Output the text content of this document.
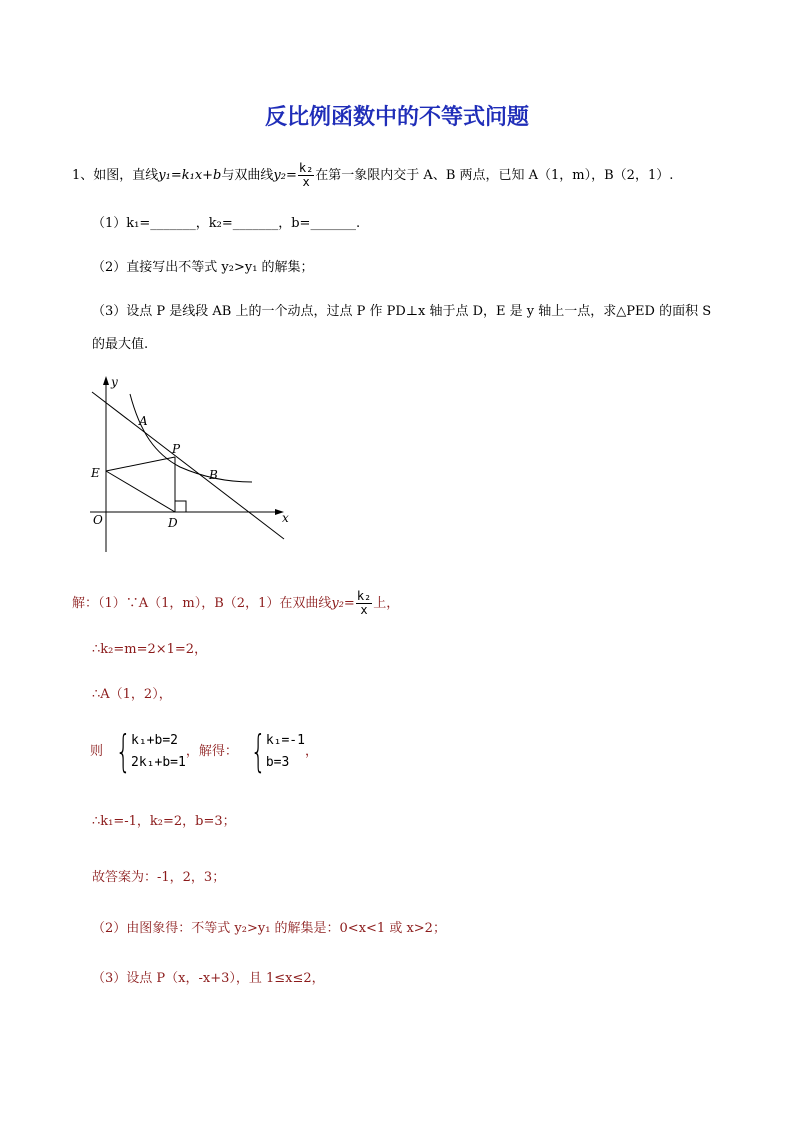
反比例函数中的不等式问题
1、如图，直线y₁=k₁x+b与双曲线$y_2= \frac{\text{k₂}}{x}$ 在第一象限内交于 A、B 两点，已知 A（1，m），B（2，1）.
（1）k₁=_______，k₂=_______，b=_______.
（2）直接写出不等式 y₂>y₁ 的解集；
（3）设点 P 是线段 AB 上的一个动点，过点 P 作 PD⊥x 轴于点 D，E 是 y 轴上一点，求△PED 的面积 S
的最大值.
y
x
O
A
B
P
E
D
解：（1）∵A（1，m），B（2，1）在双曲线$y_2= \frac{\text{k₂}}{x}$ 上，
∴k₂=m=2×1=2，
∴A（1，2），
则 { k₁+b=2
2k₁+b=1
，解得： { k₁=-1
b=3
，
∴k₁=-1，k₂=2，b=3；
故答案为：-1，2，3；
（2）由图象得：不等式 y₂>y₁ 的解集是：0<x<1 或 x>2；
（3）设点 P（x，-x+3），且 1≤x≤2，
